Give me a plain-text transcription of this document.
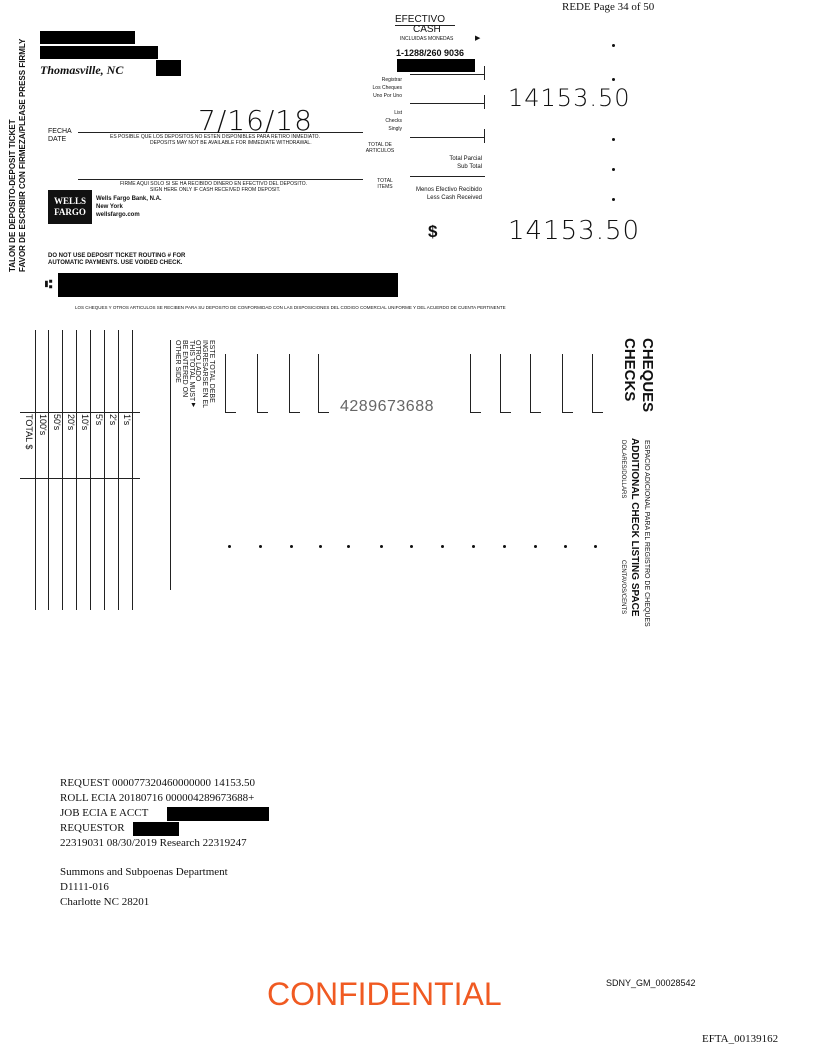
REDE Page 34 of 50
TALON DE DEPOSITO-DEPOSIT TICKET FAVOR DE ESCRIBIR CON FIRMEZA/PLEASE PRESS FIRMLY Thomasville, NC
EFECTIVO
CASH
INCLUIDAS MONEDAS	▶
1-1288/260 9036
Registrar
Los Cheques
Uno Por Uno
List
Checks
Singly
TOTAL DE ARTICULOS
TOTAL ITEMS
Total Parcial
Sub Total
Menos Efectivo Recibido
Less Cash Received
FECHA
DATE
7/16/18
ES POSIBLE QUE LOS DEPOSITOS NO ESTEN DISPONIBLES PARA RETIRO INMEDIATO.
DEPOSITS MAY NOT BE AVAILABLE FOR IMMEDIATE WITHDRAWAL.
FIRME AQUI SOLO SI SE HA RECIBIDO DINERO EN EFECTIVO DEL DEPOSITO.
SIGN HERE ONLY IF CASH RECEIVED FROM DEPOSIT.
WELLS
FARGO
Wells Fargo Bank, N.A.
New York
wellsfargo.com
14153.50
$	14153.50
DO NOT USE DEPOSIT TICKET ROUTING # FOR
AUTOMATIC PAYMENTS. USE VOIDED CHECK.
⑆
LOS CHEQUES Y OTROS ARTICULOS SE RECIBEN PARA SU DEPOSITO DE CONFORMIDAD CON LAS DISPOSICIONES DEL CODIGO COMERCIAL UNIFORME Y DEL ACUERDO DE CUENTA PERTINENTE
1's
2's
5's
10's
20's
50's
100's
TOTAL $
ESTE TOTAL DEBE INGRESARSE EN EL OTRO LADO
THIS TOTAL MUST BE ENTERED ON OTHER SIDE
▼	4289673688	CHEQUES
CHECKS
ESPACIO ADICIONAL PARA EL REGISTRO DE CHEQUES
ADDITIONAL CHECK LISTING SPACE
DOLARES/DOLLARS
CENTAVOS/CENTS
REQUEST 000077320460000000 14153.50
ROLL ECIA 20180716 000004289673688+
JOB ECIA E ACCT
REQUESTOR
22319031 08/30/2019 Research 22319247
Summons and Subpoenas Department
D1111-016
Charlotte NC 28201
CONFIDENTIAL	SDNY_GM_00028542
EFTA_00139162
